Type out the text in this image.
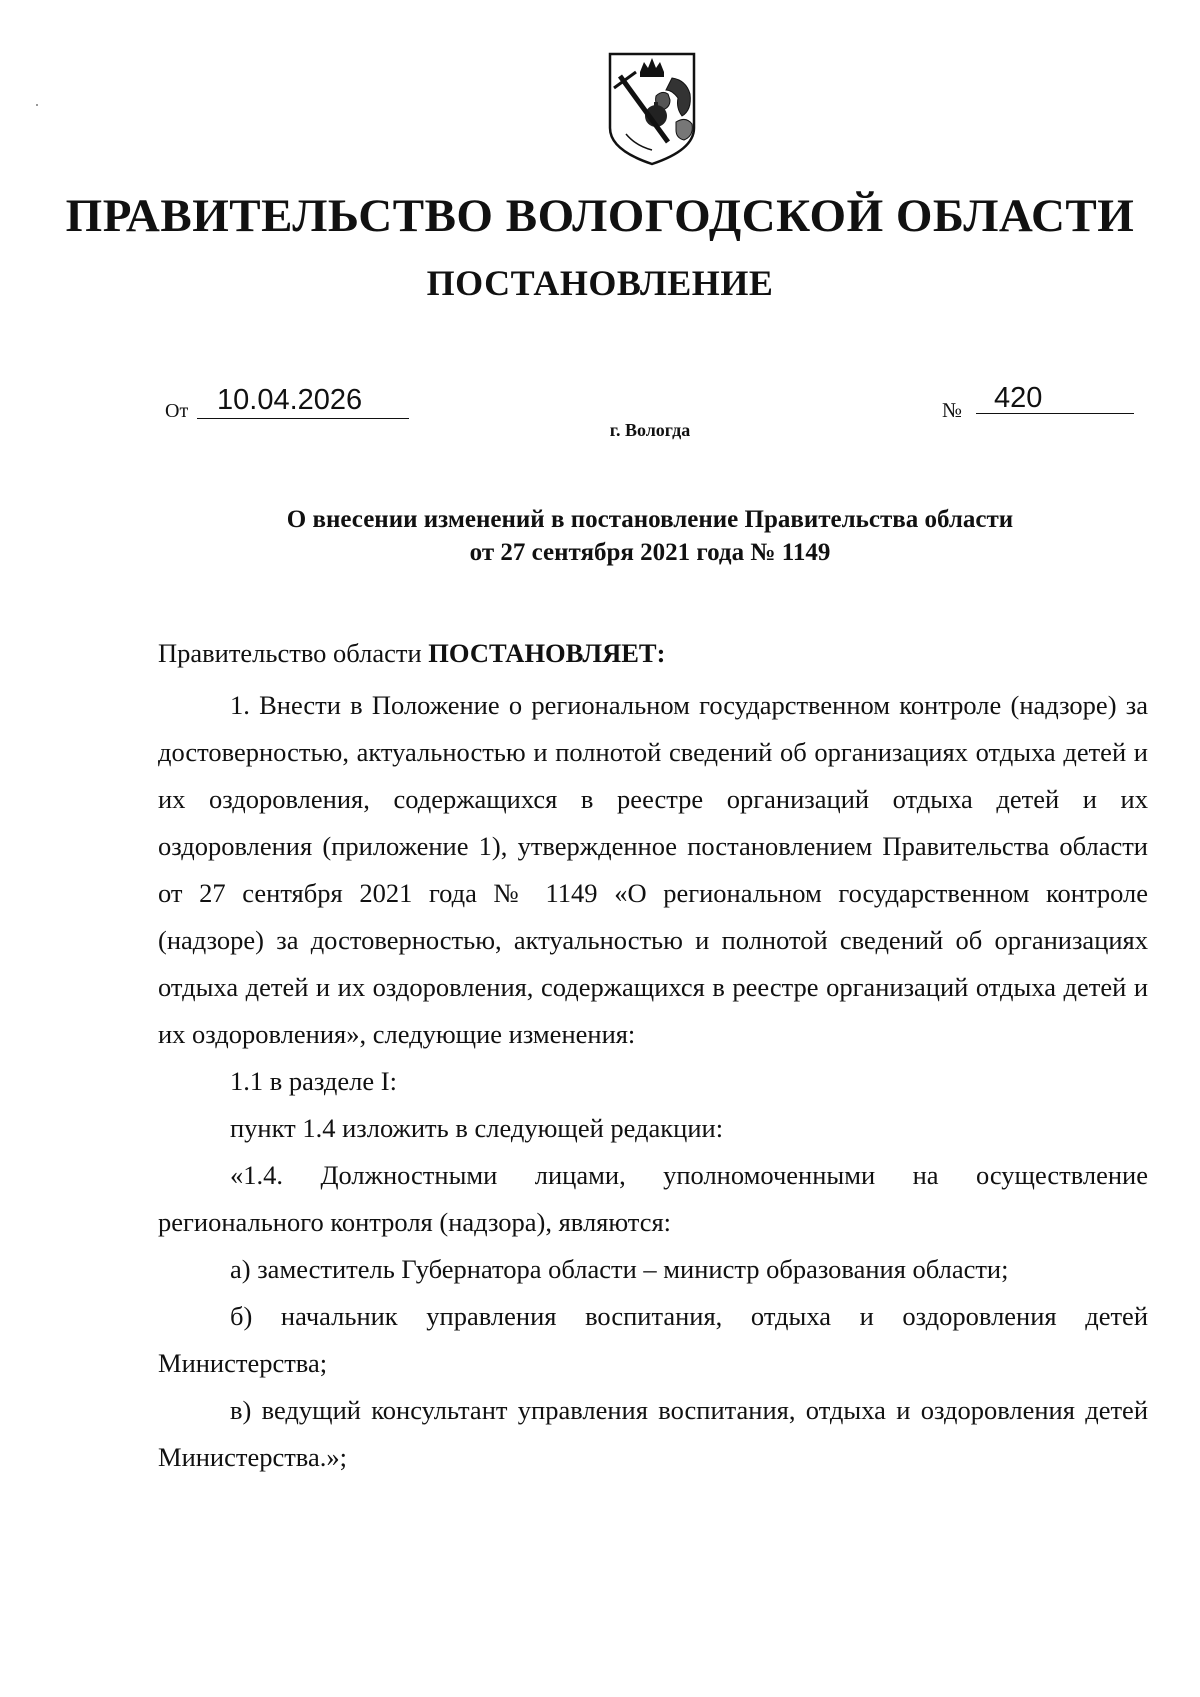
ПРАВИТЕЛЬСТВО ВОЛОГОДСКОЙ ОБЛАСТИ
ПОСТАНОВЛЕНИЕ
От 10.04.2026	№ 420
г. Вологда
О внесении изменений в постановление Правительства области
от 27 сентября 2021 года № 1149

Правительство области ПОСТАНОВЛЯЕТ:

1. Внести в Положение о региональном государственном контроле (надзоре) за достоверностью, актуальностью и полнотой сведений об организациях отдыха детей и их оздоровления, содержащихся в реестре организаций отдыха детей и их оздоровления (приложение 1), утвержденное постановлением Правительства области от 27 сентября 2021 года № 1149 «О региональном государственном контроле (надзоре) за достоверностью, актуальностью и полнотой сведений об организациях отдыха детей и их оздоровления, содержащихся в реестре организаций отдыха детей и их оздоровления», следующие изменения:

1.1 в разделе I:

пункт 1.4 изложить в следующей редакции:

«1.4. Должностными лицами, уполномоченными на осуществление регионального контроля (надзора), являются:

а) заместитель Губернатора области – министр образования области;

б) начальник управления воспитания, отдыха и оздоровления детей Министерства;

в) ведущий консультант управления воспитания, отдыха и оздоровления детей Министерства.»;
